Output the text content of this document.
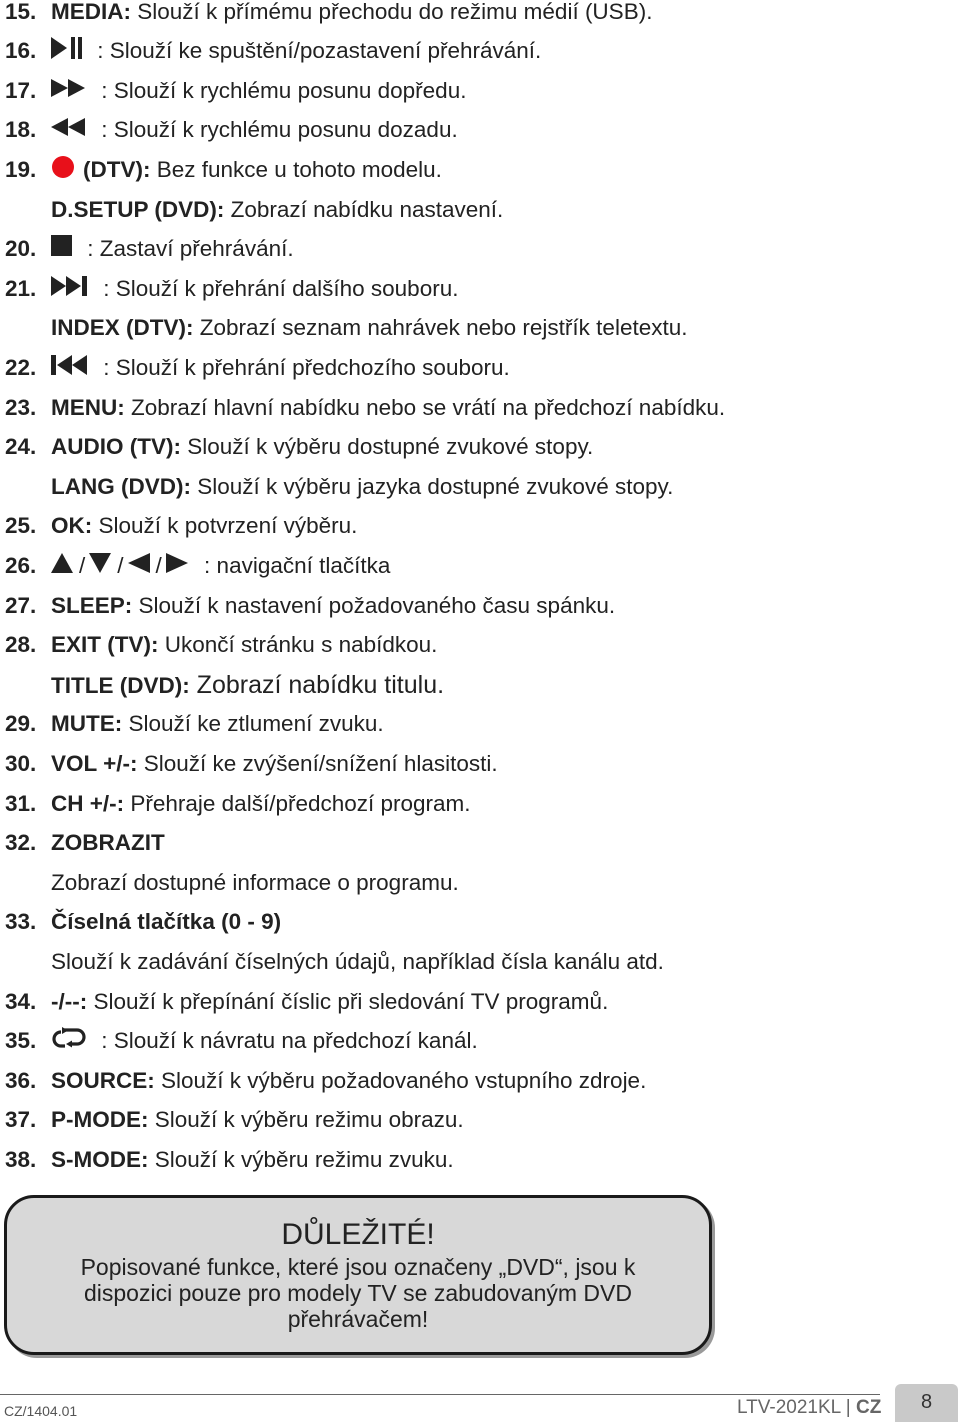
15. MEDIA: Slouží k přímému přechodu do režimu médií (USB).
16.	: Slouží ke spuštění/pozastavení přehrávání.
17.	: Slouží k rychlému posunu dopředu.
18.	: Slouží k rychlému posunu dozadu.
19.	(DTV): Bez funkce u tohoto modelu.
D.SETUP (DVD): Zobrazí nabídku nastavení.
20.	: Zastaví přehrávání.
21.	: Slouží k přehrání dalšího souboru.
INDEX (DTV): Zobrazí seznam nahrávek nebo rejstřík teletextu.
22.	: Slouží k přehrání předchozího souboru.
23. MENU: Zobrazí hlavní nabídku nebo se vrátí na předchozí nabídku.
24. AUDIO (TV): Slouží k výběru dostupné zvukové stopy.
LANG (DVD): Slouží k výběru jazyka dostupné zvukové stopy.
25. OK: Slouží k potvrzení výběru.
26.	/ / /
: navigační tlačítka
27. SLEEP: Slouží k nastavení požadovaného času spánku.
28. EXIT (TV): Ukončí stránku s nabídkou.
TITLE (DVD): Zobrazí nabídku titulu.
29. MUTE: Slouží ke ztlumení zvuku.
30. VOL +/-: Slouží ke zvýšení/snížení hlasitosti.
31. CH +/-: Přehraje další/předchozí program.
32. ZOBRAZIT
Zobrazí dostupné informace o programu.
33. Číselná tlačítka (0 - 9)
Slouží k zadávání číselných údajů, například čísla kanálu atd.
34. -/--: Slouží k přepínání číslic při sledování TV programů.
35.	: Slouží k návratu na předchozí kanál.
36. SOURCE: Slouží k výběru požadovaného vstupního zdroje.
37. P-MODE: Slouží k výběru režimu obrazu.
38. S-MODE: Slouží k výběru režimu zvuku.
DŮLEŽITÉ!
Popisované funkce, které jsou označeny „DVD“, jsou k dispozici pouze pro modely TV se zabudovaným DVD přehrávačem!
CZ/1404.01	LTV-2021KL | CZ	8
